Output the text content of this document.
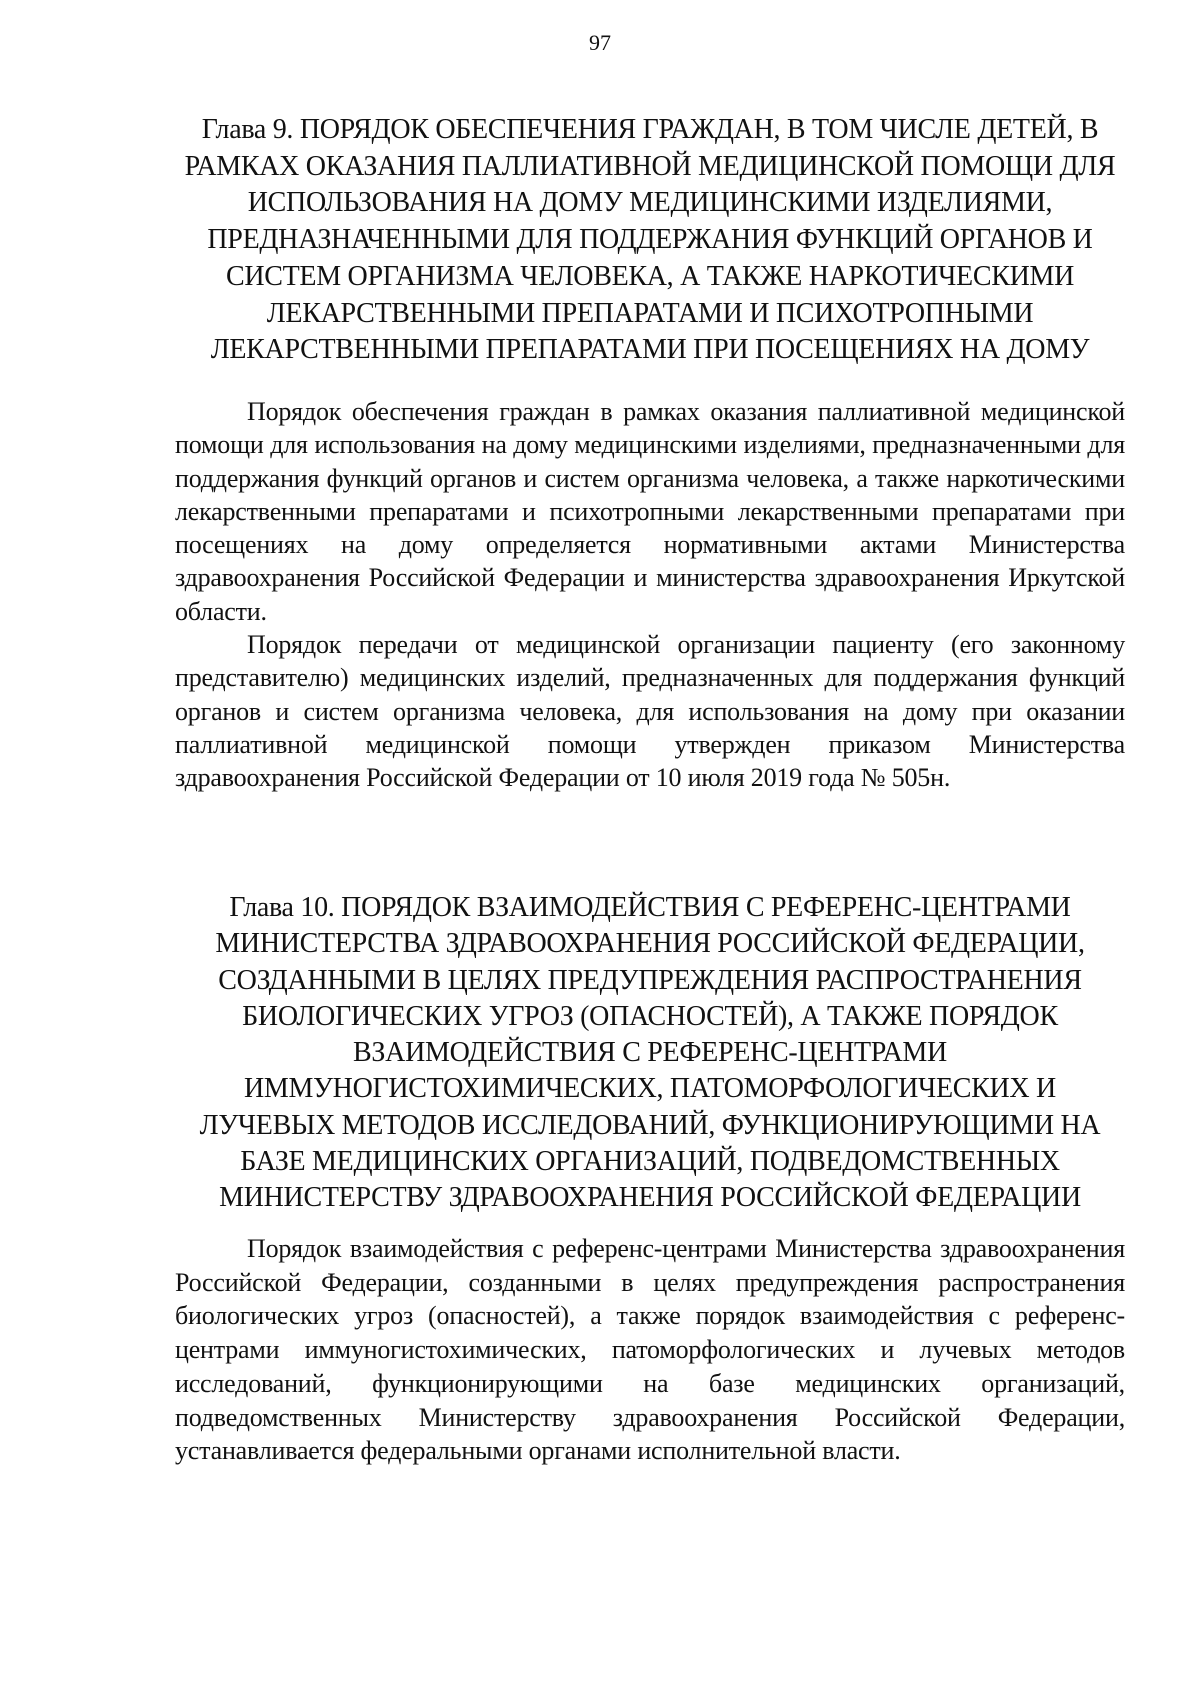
97
Глава 9. ПОРЯДОК ОБЕСПЕЧЕНИЯ ГРАЖДАН, В ТОМ ЧИСЛЕ ДЕТЕЙ, В РАМКАХ ОКАЗАНИЯ ПАЛЛИАТИВНОЙ МЕДИЦИНСКОЙ ПОМОЩИ ДЛЯ ИСПОЛЬЗОВАНИЯ НА ДОМУ МЕДИЦИНСКИМИ ИЗДЕЛИЯМИ, ПРЕДНАЗНАЧЕННЫМИ ДЛЯ ПОДДЕРЖАНИЯ ФУНКЦИЙ ОРГАНОВ И СИСТЕМ ОРГАНИЗМА ЧЕЛОВЕКА, А ТАКЖЕ НАРКОТИЧЕСКИМИ ЛЕКАРСТВЕННЫМИ ПРЕПАРАТАМИ И ПСИХОТРОПНЫМИ ЛЕКАРСТВЕННЫМИ ПРЕПАРАТАМИ ПРИ ПОСЕЩЕНИЯХ НА ДОМУ

Порядок обеспечения граждан в рамках оказания паллиативной медицинской помощи для использования на дому медицинскими изделиями, предназначенными для поддержания функций органов и систем организма человека, а также наркотическими лекарственными препаратами и психотропными лекарственными препаратами при посещениях на дому определяется нормативными актами Министерства здравоохранения Российской Федерации и министерства здравоохранения Иркутской области.

Порядок передачи от медицинской организации пациенту (его законному представителю) медицинских изделий, предназначенных для поддержания функций органов и систем организма человека, для использования на дому при оказании паллиативной медицинской помощи утвержден приказом Министерства здравоохранения Российской Федерации от 10 июля 2019 года № 505н.

Глава 10. ПОРЯДОК ВЗАИМОДЕЙСТВИЯ С РЕФЕРЕНС-ЦЕНТРАМИ МИНИСТЕРСТВА ЗДРАВООХРАНЕНИЯ РОССИЙСКОЙ ФЕДЕРАЦИИ, СОЗДАННЫМИ В ЦЕЛЯХ ПРЕДУПРЕЖДЕНИЯ РАСПРОСТРАНЕНИЯ БИОЛОГИЧЕСКИХ УГРОЗ (ОПАСНОСТЕЙ), А ТАКЖЕ ПОРЯДОК ВЗАИМОДЕЙСТВИЯ С РЕФЕРЕНС-ЦЕНТРАМИ ИММУНОГИСТОХИМИЧЕСКИХ, ПАТОМОРФОЛОГИЧЕСКИХ И ЛУЧЕВЫХ МЕТОДОВ ИССЛЕДОВАНИЙ, ФУНКЦИОНИРУЮЩИМИ НА БАЗЕ МЕДИЦИНСКИХ ОРГАНИЗАЦИЙ, ПОДВЕДОМСТВЕННЫХ МИНИСТЕРСТВУ ЗДРАВООХРАНЕНИЯ РОССИЙСКОЙ ФЕДЕРАЦИИ

Порядок взаимодействия с референс-центрами Министерства здравоохранения Российской Федерации, созданными в целях предупреждения распространения биологических угроз (опасностей), а также порядок взаимодействия с референс-центрами иммуногистохимических, патоморфологических и лучевых методов исследований, функционирующими на базе медицинских организаций, подведомственных Министерству здравоохранения Российской Федерации, устанавливается федеральными органами исполнительной власти.
